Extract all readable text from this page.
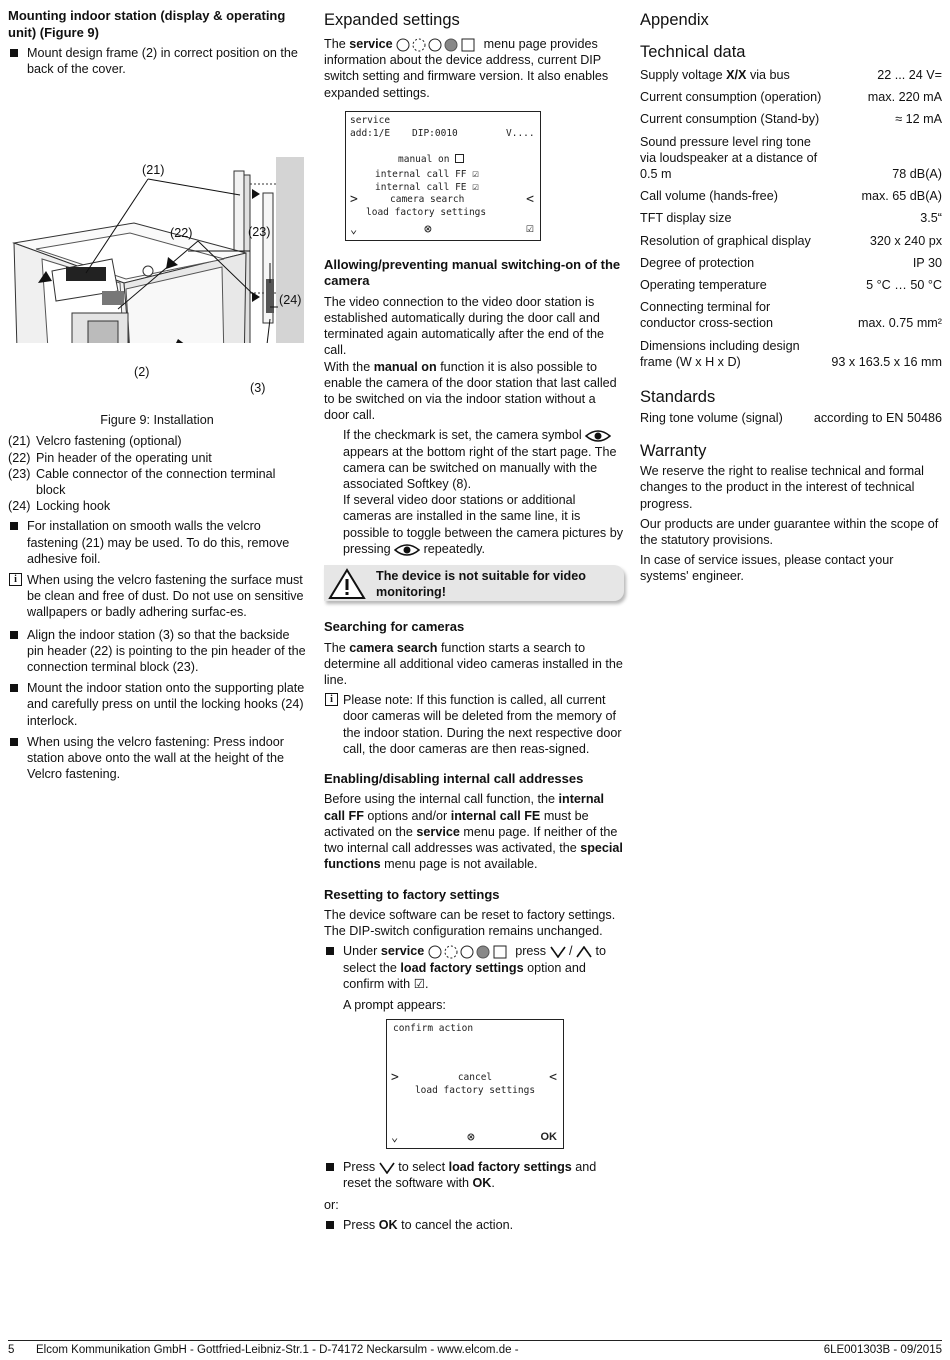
Mounting indoor station (display & operating unit) (Figure 9)
Mount design frame (2) in correct position on the back of the cover.
(21)
(22)	(23)
(24)
(2)
(3)
Figure 9: Installation
(21) Velcro fastening (optional)
(22) Pin header of the operating unit
(23) Cable connector of the connection terminal block
(24) Locking hook
For installation on smooth walls the velcro fastening (21) may be used. To do this, remove adhesive foil.
i When using the velcro fastening the surface must be clean and free of dust. Do not use on sensitive wallpapers or badly adhering surfac-es.

Align the indoor station (3) so that the backside pin header (22) is pointing to the pin header of the connection terminal block (23).
Mount the indoor station onto the supporting plate and carefully press on until the locking hooks (24) interlock.
When using the velcro fastening: Press indoor station above onto the wall at the height of the Velcro fastening.
Expanded settings

The service	menu page provides information about the device address, current DIP switch setting and firmware version. It also enables expanded settings.

service
add:1/E DIP:0010	V....
manual on
internal call FF ☑
internal call FE ☑
>	camera search	<
load factory settings
⌄	⊗	☑
Allowing/preventing manual switching-on of the camera

The video connection to the video door station is established automatically during the door call and terminated again automatically after the end of the call.

With the manual on function it is also possible to enable the camera of the door station that last called to be switched on via the indoor station without a door call.

If the checkmark is set, the camera symbol  appears at the bottom right of the start page. The camera can be switched on manually with the associated Softkey (8).

If several video door stations or additional cameras are installed in the same line, it is possible to toggle between the camera pictures by pressing	repeatedly.

The device is not suitable for video monitoring!
Searching for cameras

The camera search function starts a search to determine all additional video cameras installed in the line.

i Please note: If this function is called, all current door cameras will be deleted from the memory of the indoor station. During the next respective door call, the door cameras are then reas-signed.

Enabling/disabling internal call addresses

Before using the internal call function, the internal call FF options and/or internal call FE must be activated on the service menu page. If neither of the two internal call addresses was activated, the special functions menu page is not available.

Resetting to factory settings

The device software can be reset to factory settings. The DIP-switch configuration remains unchanged.

Under service	press / to select the load factory settings option and confirm with ☑.

A prompt appears:

confirm action
>	cancel	<
load factory settings
⌄	⊗	OK
Press to select load factory settings and reset the software with OK.

or:

Press OK to cancel the action.
Appendix
Technical data
Supply voltage X/X via bus	22 ... 24 V=
Current consumption (operation)	max. 220 mA
Current consumption (Stand-by)	≈ 12 mA
Sound pressure level ring tone via loudspeaker at a distance of 0.5 m	78 dB(A)
Call volume (hands-free)	max. 65 dB(A)
TFT display size	3.5“
Resolution of graphical display	320 x 240 px
Degree of protection	IP 30
Operating temperature	5 °C … 50 °C
Connecting terminal for conductor cross-section	max. 0.75 mm²
Dimensions including design frame (W x H x D)	93 x 163.5 x 16 mm
Standards
Ring tone volume (signal)	according to EN 50486
Warranty

We reserve the right to realise technical and formal changes to the product in the interest of technical progress.

Our products are under guarantee within the scope of the statutory provisions.

In case of service issues, please contact your systems' engineer.

5	Elcom Kommunikation GmbH - Gottfried-Leibniz-Str.1 - D-74172 Neckarsulm - www.elcom.de -	6LE001303B - 09/2015
